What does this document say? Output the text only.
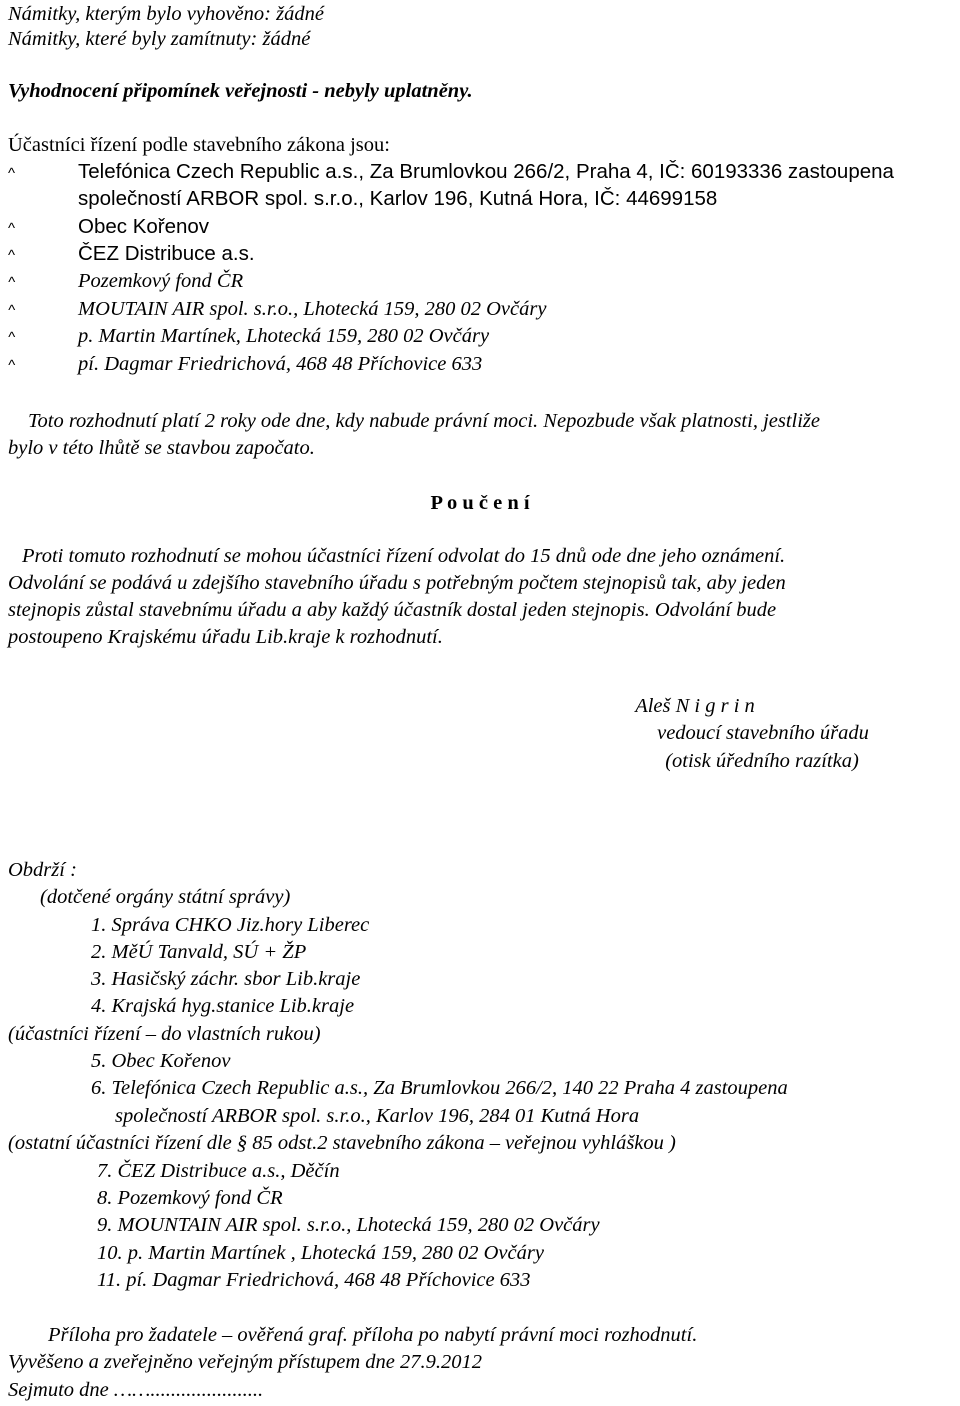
Námitky, kterým bylo vyhověno: žádné
Námitky, které byly zamítnuty: žádné
Vyhodnocení připomínek veřejnosti - nebyly uplatněny.
Účastníci řízení podle stavebního zákona jsou:
^	Telefónica Czech Republic a.s., Za Brumlovkou 266/2, Praha 4, IČ: 60193336 zastoupena
společností ARBOR spol. s.r.o., Karlov 196, Kutná Hora, IČ: 44699158
^	Obec Kořenov
^	ČEZ Distribuce a.s.
^	Pozemkový fond ČR
^	MOUTAIN AIR spol. s.r.o., Lhotecká 159, 280 02 Ovčáry
^	p. Martin Martínek, Lhotecká 159, 280 02 Ovčáry
^	pí. Dagmar Friedrichová, 468 48 Příchovice 633
Toto rozhodnutí platí 2 roky ode dne, kdy nabude právní moci. Nepozbude však platnosti, jestliže
bylo v této lhůtě se stavbou započato.
P o u č e n í
Proti tomuto rozhodnutí se mohou účastníci řízení odvolat do 15 dnů ode dne jeho oznámení.
Odvolání se podává u zdejšího stavebního úřadu s potřebným počtem stejnopisů tak, aby jeden
stejnopis zůstal stavebnímu úřadu a aby každý účastník dostal jeden stejnopis. Odvolání bude
postoupeno Krajskému úřadu Lib.kraje k rozhodnutí.
Aleš N i g r i n
vedoucí stavebního úřadu
(otisk úředního razítka)
Obdrží :
(dotčené orgány státní správy)
1. Správa CHKO Jiz.hory Liberec
2. MěÚ Tanvald, SÚ + ŽP
3. Hasičský záchr. sbor Lib.kraje
4. Krajská hyg.stanice Lib.kraje
(účastníci řízení – do vlastních rukou)
5. Obec Kořenov
6. Telefónica Czech Republic a.s., Za Brumlovkou 266/2, 140 22 Praha 4 zastoupena
společností ARBOR spol. s.r.o., Karlov 196, 284 01 Kutná Hora
(ostatní účastníci řízení dle § 85 odst.2 stavebního zákona – veřejnou vyhláškou )
7. ČEZ Distribuce a.s., Děčín
8. Pozemkový fond ČR
9. MOUNTAIN AIR spol. s.r.o., Lhotecká 159, 280 02 Ovčáry
10. p. Martin Martínek , Lhotecká 159, 280 02 Ovčáry
11. pí. Dagmar Friedrichová, 468 48 Příchovice 633
Příloha pro žadatele – ověřená graf. příloha po nabytí právní moci rozhodnutí.
Vyvěšeno a zveřejněno veřejným přístupem dne 27.9.2012
Sejmuto dne ……......................
